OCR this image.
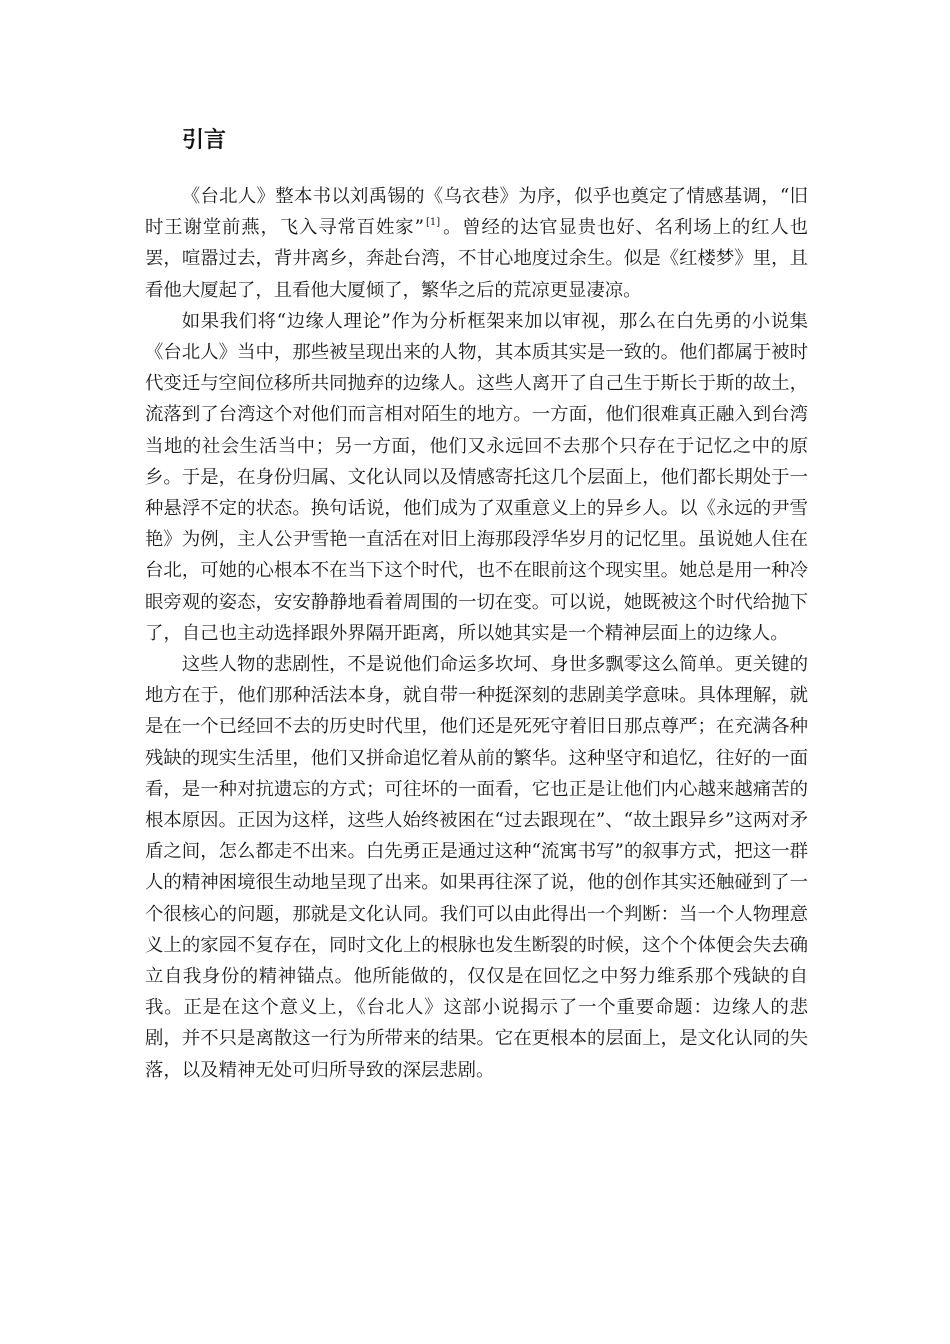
引言

《台北人》整本书以刘禹锡的《乌衣巷》为序，似乎也奠定了情感基调，“旧时王谢堂前燕，飞入寻常百姓家” [1] 。曾经的达官显贵也好、名利场上的红人也罢，喧嚣过去，背井离乡，奔赴台湾，不甘心地度过余生。似是《红楼梦》里，且看他大厦起了，且看他大厦倾了，繁华之后的荒凉更显凄凉。

如果我们将“边缘人理论”作为分析框架来加以审视，那么在白先勇的小说集《台北人》当中，那些被呈现出来的人物，其本质其实是一致的。他们都属于被时代变迁与空间位移所共同抛弃的边缘人。这些人离开了自己生于斯长于斯的故土，流落到了台湾这个对他们而言相对陌生的地方。一方面，他们很难真正融入到台湾当地的社会生活当中；另一方面，他们又永远回不去那个只存在于记忆之中的原乡。于是，在身份归属、文化认同以及情感寄托这几个层面上，他们都长期处于一种悬浮不定的状态。换句话说，他们成为了双重意义上的异乡人。以《永远的尹雪艳》为例，主人公尹雪艳一直活在对旧上海那段浮华岁月的记忆里。虽说她人住在台北，可她的心根本不在当下这个时代，也不在眼前这个现实里。她总是用一种冷眼旁观的姿态，安安静静地看着周围的一切在变。可以说，她既被这个时代给抛下了，自己也主动选择跟外界隔开距离，所以她其实是一个精神层面上的边缘人。

这些人物的悲剧性，不是说他们命运多坎坷、身世多飘零这么简单。更关键的地方在于，他们那种活法本身，就自带一种挺深刻的悲剧美学意味。具体理解，就是在一个已经回不去的历史时代里，他们还是死死守着旧日那点尊严；在充满各种残缺的现实生活里，他们又拼命追忆着从前的繁华。这种坚守和追忆，往好的一面看，是一种对抗遗忘的方式；可往坏的一面看，它也正是让他们内心越来越痛苦的根本原因。正因为这样，这些人始终被困在“过去跟现在”、“故土跟异乡”这两对矛盾之间，怎么都走不出来。白先勇正是通过这种“流寓书写”的叙事方式，把这一群人的精神困境很生动地呈现了出来。如果再往深了说，他的创作其实还触碰到了一个很核心的问题，那就是文化认同。我们可以由此得出一个判断：当一个人物理意义上的家园不复存在，同时文化上的根脉也发生断裂的时候，这个个体便会失去确立自我身份的精神锚点。他所能做的，仅仅是在回忆之中努力维系那个残缺的自我。正是在这个意义上，《台北人》这部小说揭示了一个重要命题：边缘人的悲剧，并不只是离散这一行为所带来的结果。它在更根本的层面上，是文化认同的失落，以及精神无处可归所导致的深层悲剧。
